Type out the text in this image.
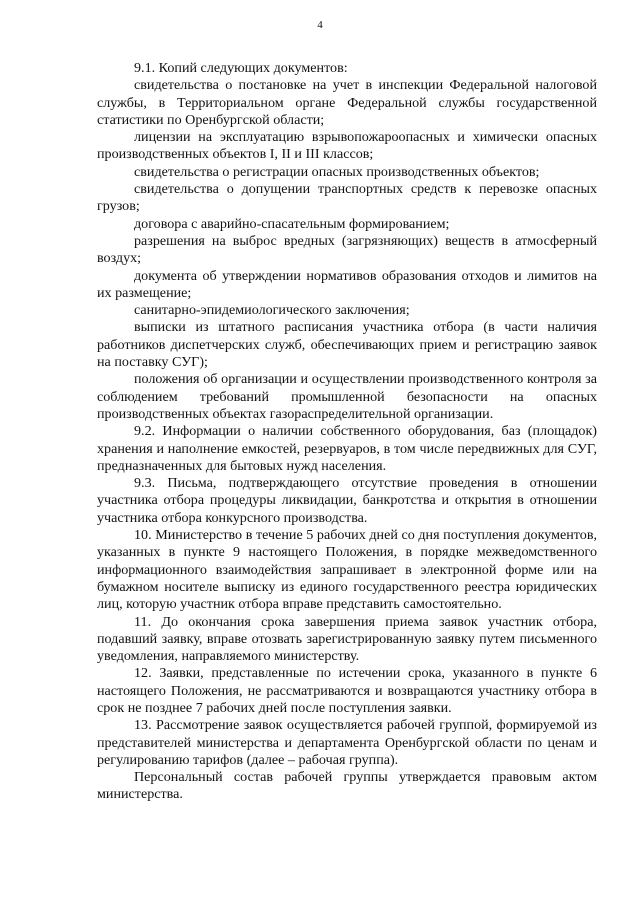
4

9.1. Копий следующих документов:

свидетельства о постановке на учет в инспекции Федеральной налоговой службы, в Территориальном органе Федеральной службы государственной статистики по Оренбургской области;

лицензии на эксплуатацию взрывопожароопасных и химически опасных производственных объектов I, II и III классов;

свидетельства о регистрации опасных производственных объектов;

свидетельства о допущении транспортных средств к перевозке опасных грузов;

договора с аварийно-спасательным формированием;

разрешения на выброс вредных (загрязняющих) веществ в атмосферный воздух;

документа об утверждении нормативов образования отходов и лимитов на их размещение;

санитарно-эпидемиологического заключения;

выписки из штатного расписания участника отбора (в части наличия работников диспетчерских служб, обеспечивающих прием и регистрацию заявок на поставку СУГ);

положения об организации и осуществлении производственного контроля за соблюдением требований промышленной безопасности на опасных производственных объектах газораспределительной организации.

9.2. Информации о наличии собственного оборудования, баз (площадок) хранения и наполнение емкостей, резервуаров, в том числе передвижных для СУГ, предназначенных для бытовых нужд населения.

9.3. Письма, подтверждающего отсутствие проведения в отношении участника отбора процедуры ликвидации, банкротства и открытия в отношении участника отбора конкурсного производства.

10. Министерство в течение 5 рабочих дней со дня поступления документов, указанных в пункте 9 настоящего Положения, в порядке межведомственного информационного взаимодействия запрашивает в электронной форме или на бумажном носителе выписку из единого государственного реестра юридических лиц, которую участник отбора вправе представить самостоятельно.

11. До окончания срока завершения приема заявок участник отбора, подавший заявку, вправе отозвать зарегистрированную заявку путем письменного уведомления, направляемого министерству.

12. Заявки, представленные по истечении срока, указанного в пункте 6 настоящего Положения, не рассматриваются и возвращаются участнику отбора в срок не позднее 7 рабочих дней после поступления заявки.

13. Рассмотрение заявок осуществляется рабочей группой, формируемой из представителей министерства и департамента Оренбургской области по ценам и регулированию тарифов (далее – рабочая группа).

Персональный состав рабочей группы утверждается правовым актом министерства.
